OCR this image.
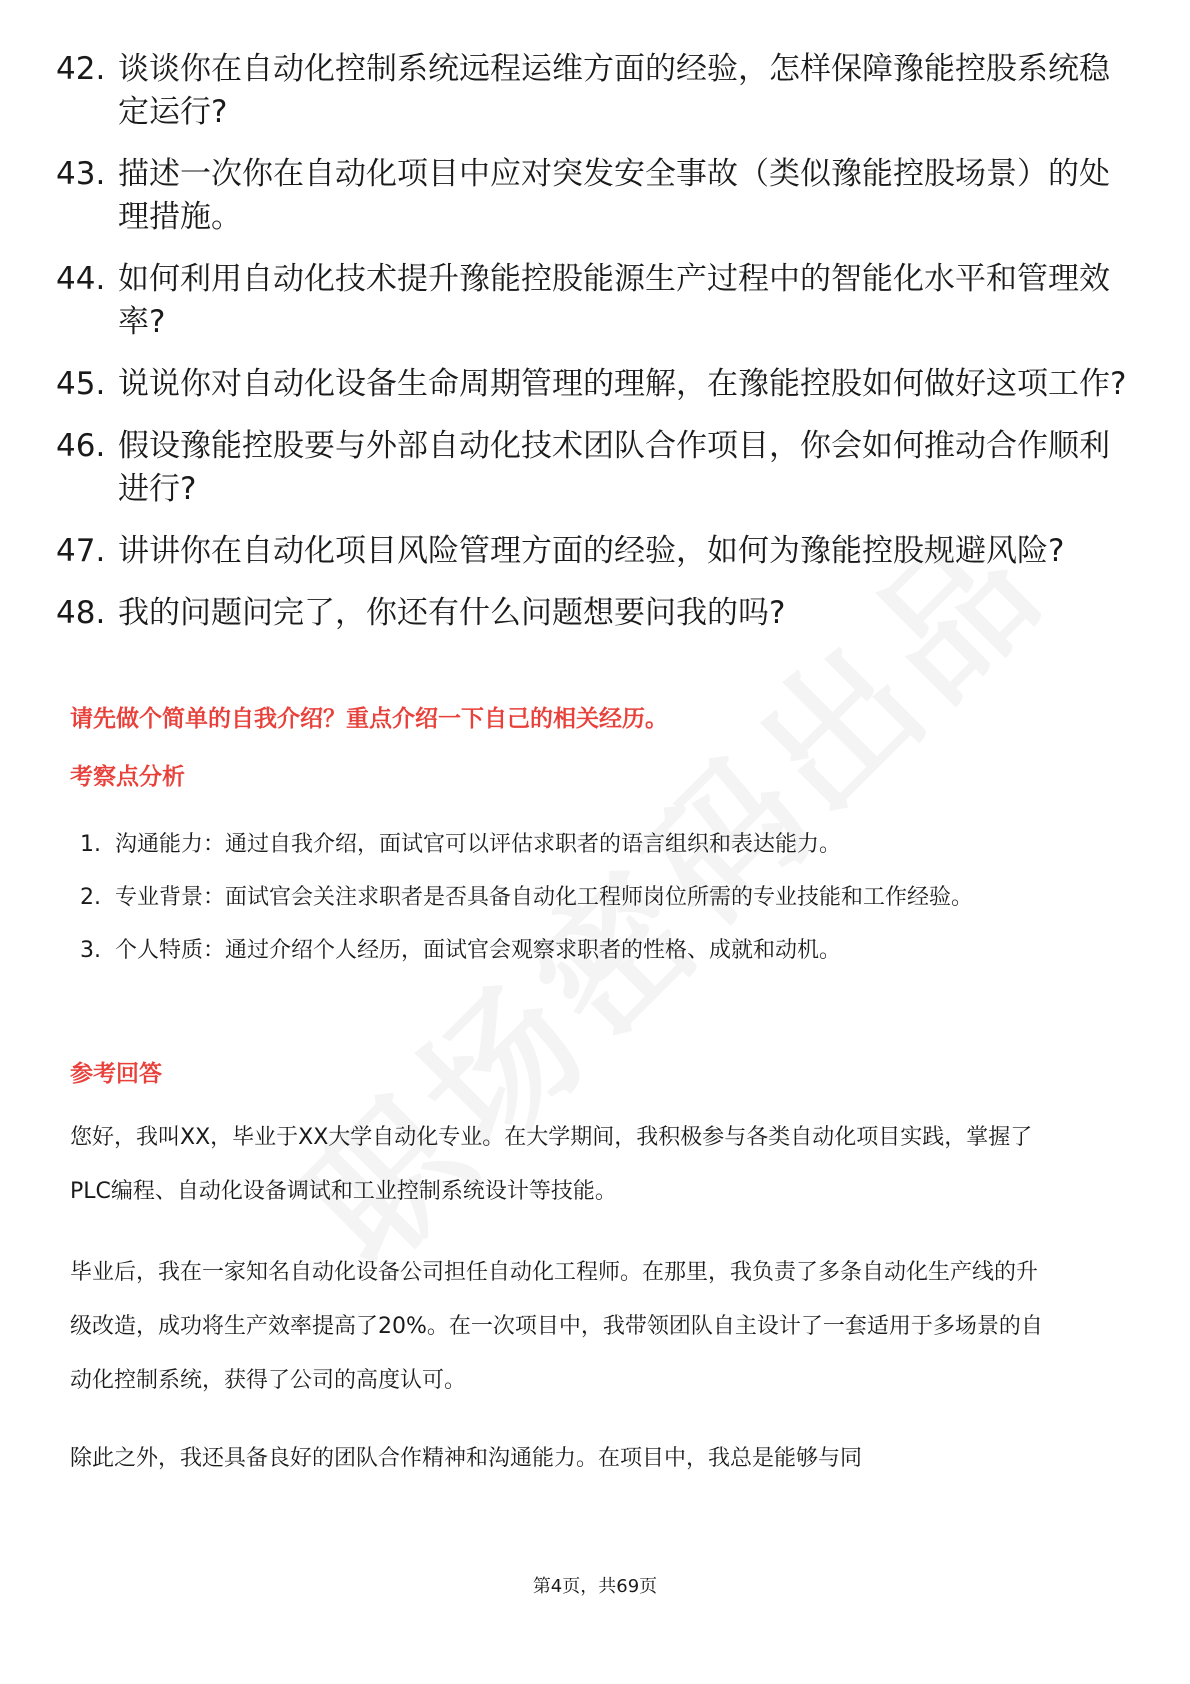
42. 谈谈你在自动化控制系统远程运维方面的经验，怎样保障豫能控股系统稳定运行?
43. 描述一次你在自动化项目中应对突发安全事故（类似豫能控股场景）的处理措施。
44. 如何利用自动化技术提升豫能控股能源生产过程中的智能化水平和管理效率?
45. 说说你对自动化设备生命周期管理的理解，在豫能控股如何做好这项工作?
46. 假设豫能控股要与外部自动化技术团队合作项目，你会如何推动合作顺利进行?
47. 讲讲你在自动化项目风险管理方面的经验，如何为豫能控股规避风险?
48. 我的问题问完了，你还有什么问题想要问我的吗?
请先做个简单的自我介绍？重点介绍一下自己的相关经历。
考察点分析
1. 沟通能力：通过自我介绍，面试官可以评估求职者的语言组织和表达能力。
2. 专业背景：面试官会关注求职者是否具备自动化工程师岗位所需的专业技能和工作经验。
3. 个人特质：通过介绍个人经历，面试官会观察求职者的性格、成就和动机。
参考回答

您好，我叫XX，毕业于XX大学自动化专业。在大学期间，我积极参与各类自动化项目实践，掌握了PLC编程、自动化设备调试和工业控制系统设计等技能。

毕业后，我在一家知名自动化设备公司担任自动化工程师。在那里，我负责了多条自动化生产线的升级改造，成功将生产效率提高了20%。在一次项目中，我带领团队自主设计了一套适用于多场景的自动化控制系统，获得了公司的高度认可。

除此之外，我还具备良好的团队合作精神和沟通能力。在项目中，我总是能够与同

第4页，共69页
